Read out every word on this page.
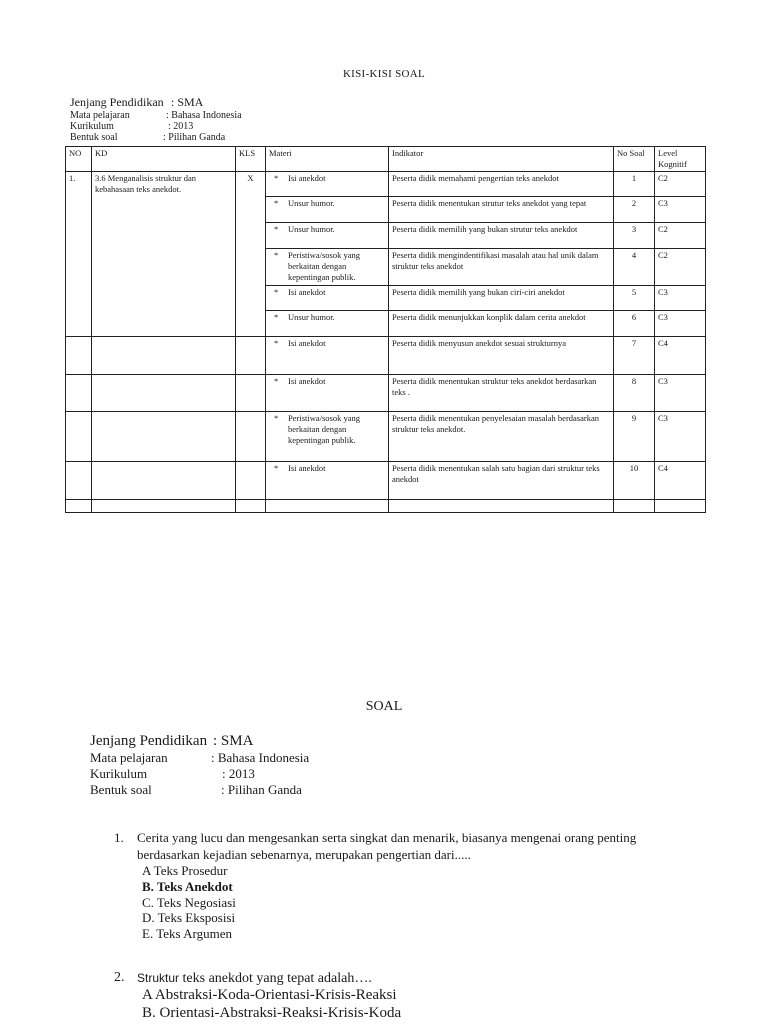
KISI-KISI SOAL
Jenjang Pendidikan : SMA
Mata pelajaran	: Bahasa Indonesia
Kurikulum	: 2013
Bentuk soal	: Pilihan Ganda
NO	KD	KLS	Materi	Indikator	No Soal	Level Kognitif
1.	3.6 Menganalisis struktur dan kebahasaan teks anekdot.	X	* Isi anekdot	Peserta didik memahami pengertian teks anekdot	1	C2

			* Unsur humor.	Peserta didik menentukan strutur teks anekdot yang tepat	2	C3

			* Unsur humor.	Peserta didik memilih yang bukan strutur teks anekdot	3	C2

			* Peristiwa/sosok yang berkaitan dengan kepentingan publik.	Peserta didik mengindentifikasi masalah atau hal unik dalam struktur teks anekdot	4	C2

			* Isi anekdot	Peserta didik memilih yang bukan ciri-ciri anekdot	5	C3

			* Unsur humor.	Peserta didik menunjukkan konplik dalam cerita anekdot	6	C3

			* Isi anekdot	Peserta didik menyusun anekdot sesuai strukturnya	7	C4

			* Isi anekdot	Peserta didik menentukan struktur teks anekdot berdasarkan teks .	8	C3

			* Peristiwa/sosok yang berkaitan dengan kepentingan publik.	Peserta didik menentukan penyelesaian masalah berdasarkan struktur teks anekdot.	9	C3

			* Isi anekdot	Peserta didik menentukan salah satu bagian dari struktur teks anekdot	10	C4

SOAL
Jenjang Pendidikan : SMA
Mata pelajaran	: Bahasa Indonesia
Kurikulum	: 2013
Bentuk soal	: Pilihan Ganda
1. Cerita yang lucu dan mengesankan serta singkat dan menarik, biasanya mengenai orang penting
berdasarkan kejadian sebenarnya, merupakan pengertian dari.....
A Teks Prosedur
B. Teks Anekdot
C. Teks Negosiasi
D. Teks Eksposisi
E. Teks Argumen
2. Struktur teks anekdot yang tepat adalah….
A Abstraksi-Koda-Orientasi-Krisis-Reaksi
B. Orientasi-Abstraksi-Reaksi-Krisis-Koda
